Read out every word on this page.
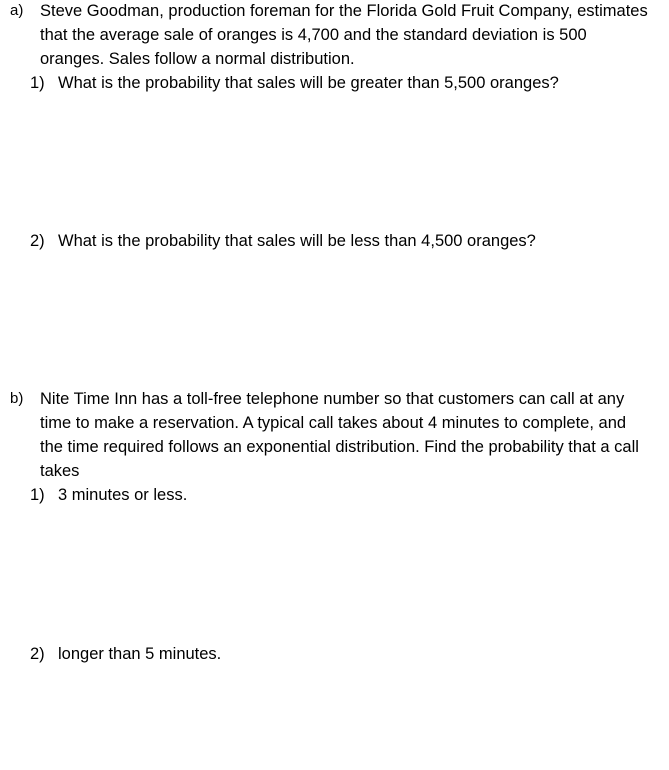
a) Steve Goodman, production foreman for the Florida Gold Fruit Company, estimates that the average sale of oranges is 4,700 and the standard deviation is 500 oranges. Sales follow a normal distribution.
1) What is the probability that sales will be greater than 5,500 oranges?
2) What is the probability that sales will be less than 4,500 oranges?
b) Nite Time Inn has a toll-free telephone number so that customers can call at any time to make a reservation. A typical call takes about 4 minutes to complete, and the time required follows an exponential distribution. Find the probability that a call takes
1) 3 minutes or less.
2) longer than 5 minutes.
